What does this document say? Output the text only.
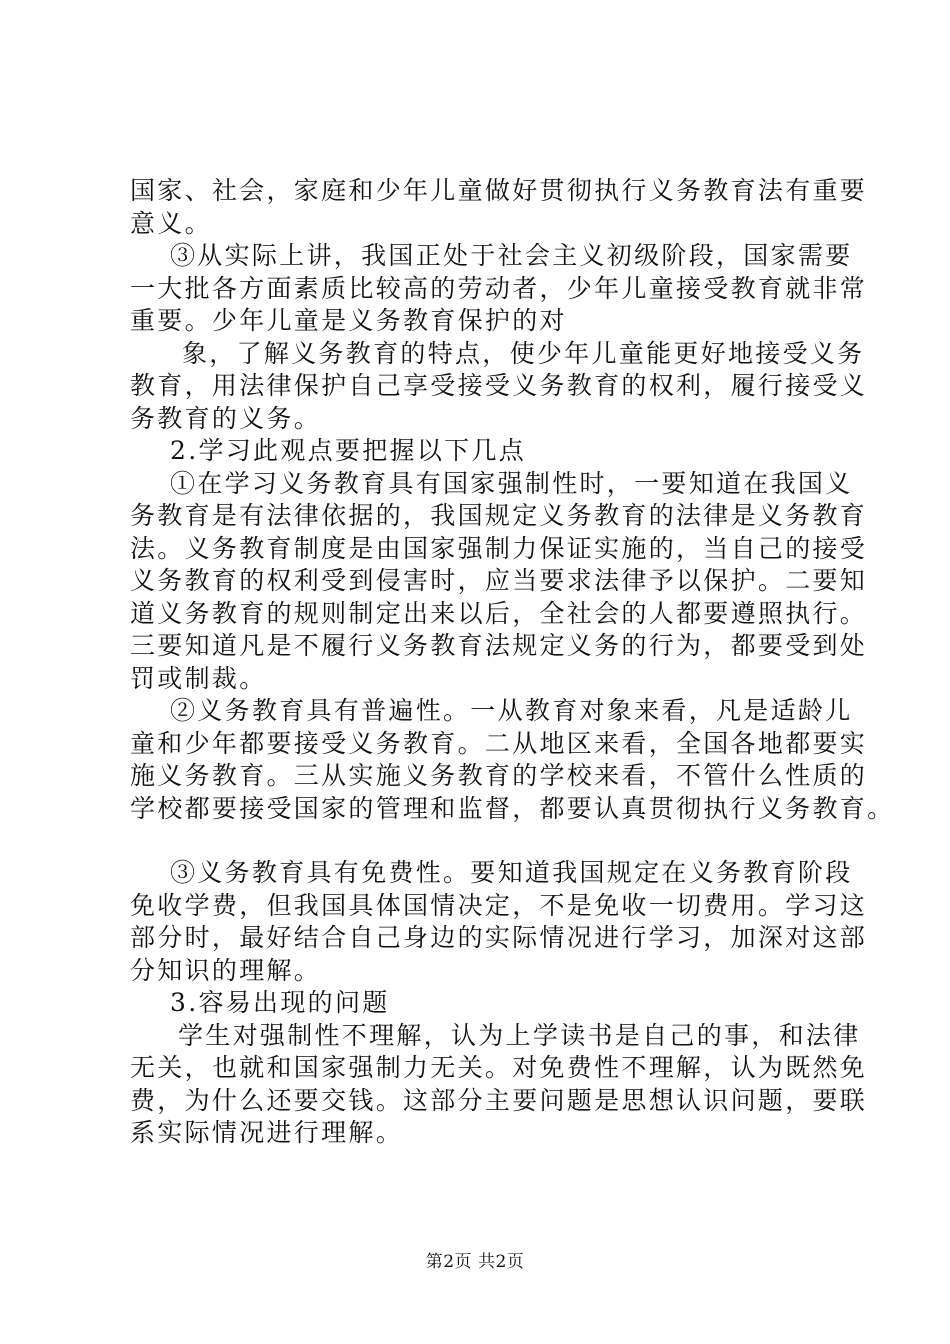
国家、社会，家庭和少年儿童做好贯彻执行义务教育法有重要
意义。
③从实际上讲，我国正处于社会主义初级阶段，国家需要
一大批各方面素质比较高的劳动者，少年儿童接受教育就非常
重要。少年儿童是义务教育保护的对
象，了解义务教育的特点，使少年儿童能更好地接受义务
教育，用法律保护自己享受接受义务教育的权利，履行接受义
务教育的义务。
2.学习此观点要把握以下几点
①在学习义务教育具有国家强制性时，一要知道在我国义
务教育是有法律依据的，我国规定义务教育的法律是义务教育
法。义务教育制度是由国家强制力保证实施的，当自己的接受
义务教育的权利受到侵害时，应当要求法律予以保护。二要知
道义务教育的规则制定出来以后，全社会的人都要遵照执行。
三要知道凡是不履行义务教育法规定义务的行为，都要受到处
罚或制裁。
②义务教育具有普遍性。一从教育对象来看，凡是适龄儿
童和少年都要接受义务教育。二从地区来看，全国各地都要实
施义务教育。三从实施义务教育的学校来看，不管什么性质的
学校都要接受国家的管理和监督，都要认真贯彻执行义务教育。
③义务教育具有免费性。要知道我国规定在义务教育阶段
免收学费，但我国具体国情决定，不是免收一切费用。学习这
部分时，最好结合自己身边的实际情况进行学习，加深对这部
分知识的理解。
3.容易出现的问题
学生对强制性不理解，认为上学读书是自己的事，和法律
无关，也就和国家强制力无关。对免费性不理解，认为既然免
费，为什么还要交钱。这部分主要问题是思想认识问题，要联
系实际情况进行理解。
第2页 共2页
